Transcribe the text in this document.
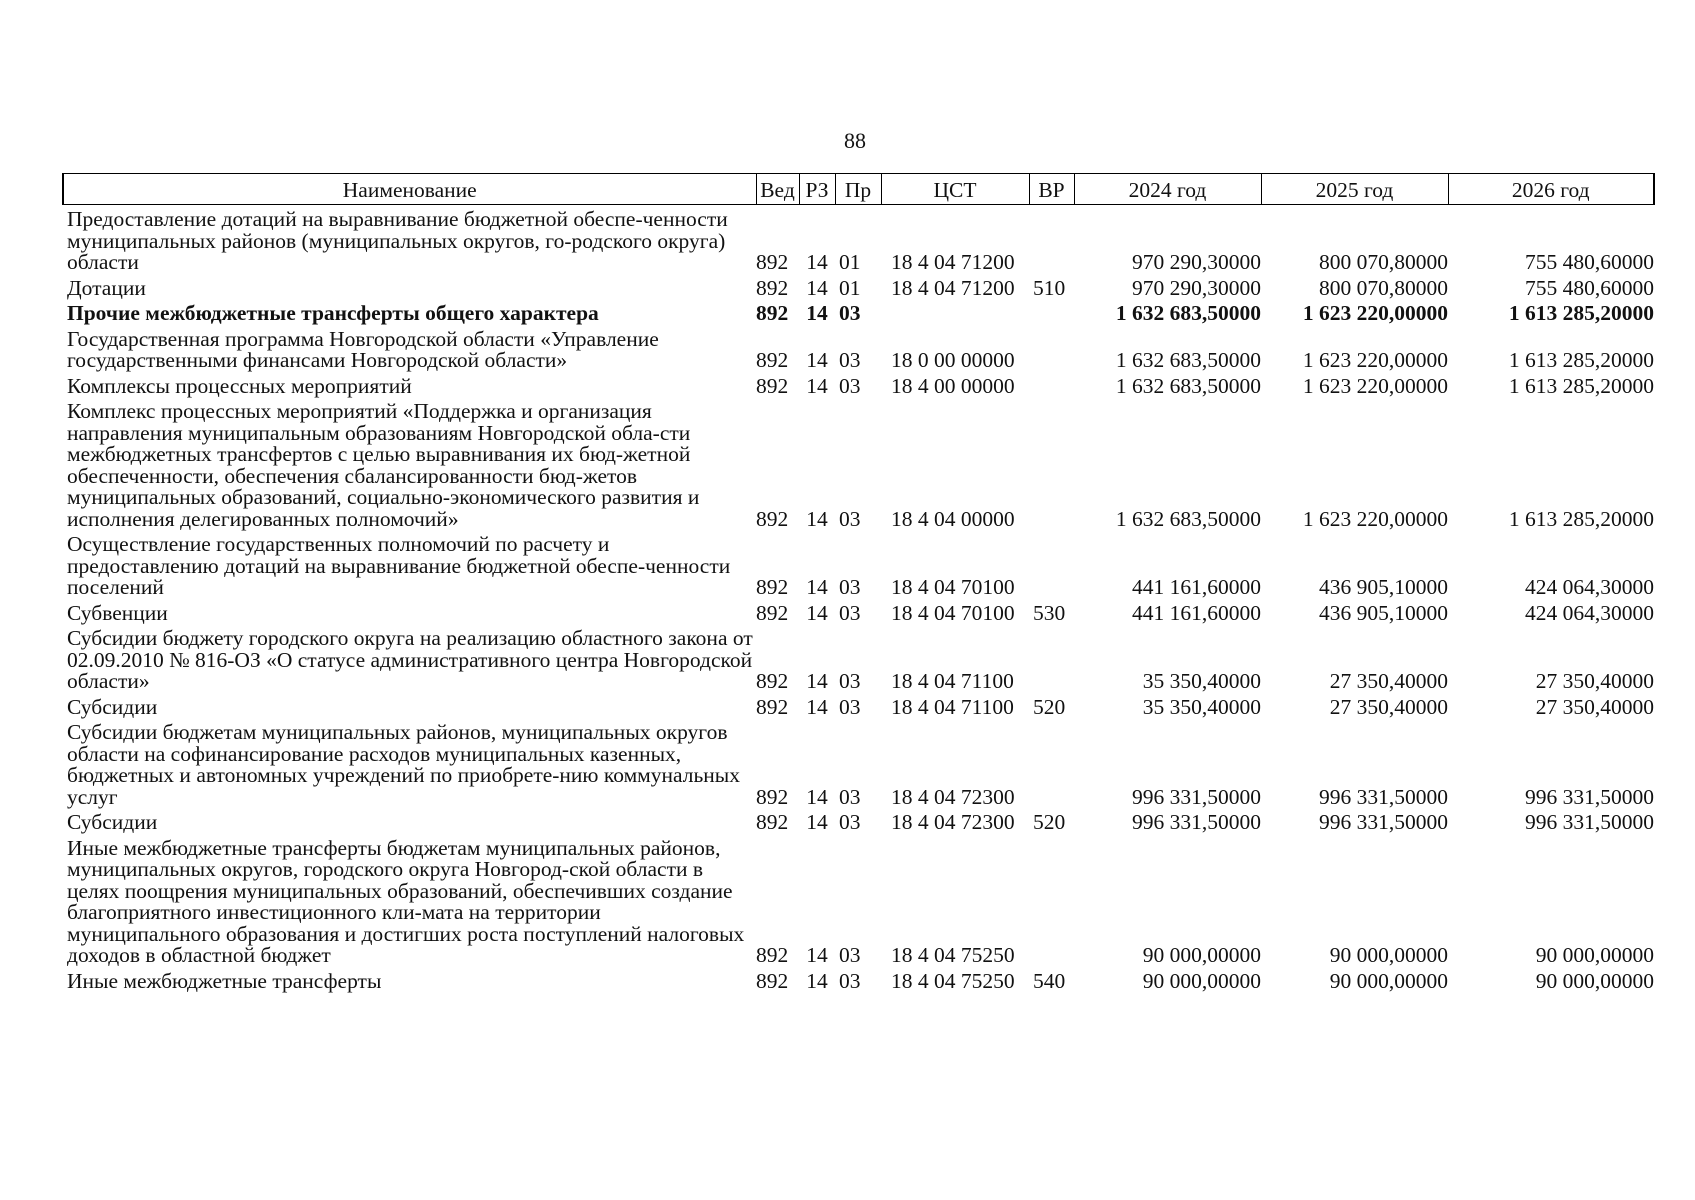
88
Наименование	Вед	РЗ	Пр	ЦСТ	ВР	2024 год	2025 год	2026 год
Предоставление дотаций на выравнивание бюджетной обеспе-ченности муниципальных районов (муниципальных округов, го-родского округа) области	892	14	01	18 4 04 71200		970 290,30000	800 070,80000	755 480,60000
Дотации	892	14	01	18 4 04 71200	510	970 290,30000	800 070,80000	755 480,60000
Прочие межбюджетные трансферты общего характера	892	14	03			1 632 683,50000	1 623 220,00000	1 613 285,20000
Государственная программа Новгородской области «Управление государственными финансами Новгородской области»	892	14	03	18 0 00 00000		1 632 683,50000	1 623 220,00000	1 613 285,20000
Комплексы процессных мероприятий	892	14	03	18 4 00 00000		1 632 683,50000	1 623 220,00000	1 613 285,20000
Комплекс процессных мероприятий «Поддержка и организация направления муниципальным образованиям Новгородской обла-сти межбюджетных трансфертов с целью выравнивания их бюд-жетной обеспеченности, обеспечения сбалансированности бюд-жетов муниципальных образований, социально-экономического развития и исполнения делегированных полномочий»	892	14	03	18 4 04 00000		1 632 683,50000	1 623 220,00000	1 613 285,20000
Осуществление государственных полномочий по расчету и предоставлению дотаций на выравнивание бюджетной обеспе-ченности поселений	892	14	03	18 4 04 70100		441 161,60000	436 905,10000	424 064,30000
Субвенции	892	14	03	18 4 04 70100	530	441 161,60000	436 905,10000	424 064,30000
Субсидии бюджету городского округа на реализацию областного закона от 02.09.2010 № 816-ОЗ «О статусе административного центра Новгородской области»	892	14	03	18 4 04 71100		35 350,40000	27 350,40000	27 350,40000
Субсидии	892	14	03	18 4 04 71100	520	35 350,40000	27 350,40000	27 350,40000
Субсидии бюджетам муниципальных районов, муниципальных округов области на софинансирование расходов муниципальных казенных, бюджетных и автономных учреждений по приобрете-нию коммунальных услуг	892	14	03	18 4 04 72300		996 331,50000	996 331,50000	996 331,50000
Субсидии	892	14	03	18 4 04 72300	520	996 331,50000	996 331,50000	996 331,50000
Иные межбюджетные трансферты бюджетам муниципальных районов, муниципальных округов, городского округа Новгород-ской области в целях поощрения муниципальных образований, обеспечивших создание благоприятного инвестиционного кли-мата на территории муниципального образования и достигших роста поступлений налоговых доходов в областной бюджет	892	14	03	18 4 04 75250		90 000,00000	90 000,00000	90 000,00000
Иные межбюджетные трансферты	892	14	03	18 4 04 75250	540	90 000,00000	90 000,00000	90 000,00000
